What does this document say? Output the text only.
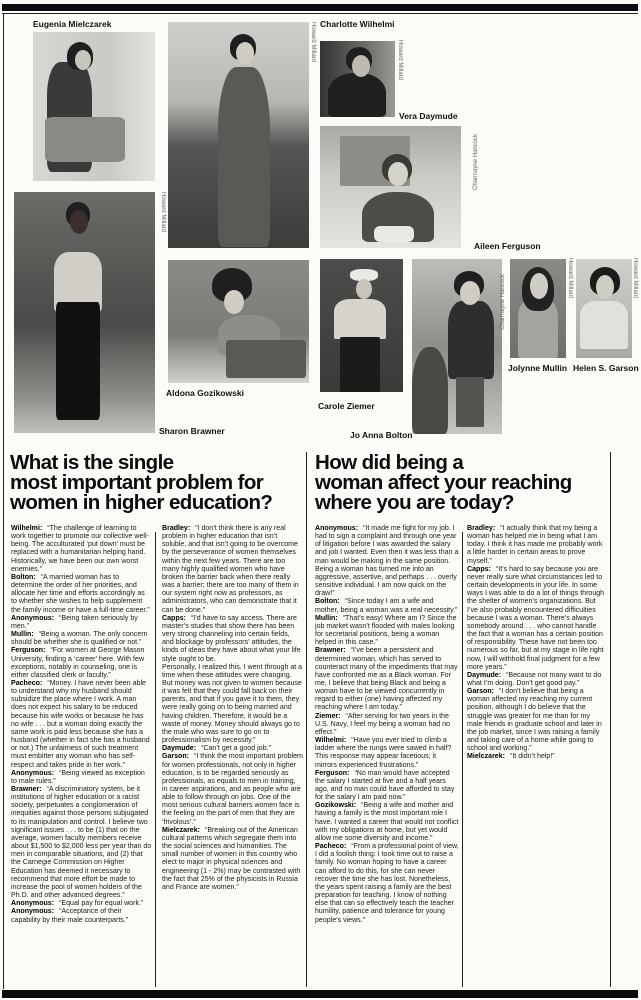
Eugenia Mielczarek	Howard Millard Charlotte Wilhelmi
Howard Millard
Vera Daymude
Charmayne Hancock
Aileen Ferguson
Howard Millard
Sharon Brawner
Aldona Gozikowski
Carole Ziemer
Charmayne Hancock
Jo Anna Bolton
Howard Millard
Jolynne Mullin
Howard Millard
Helen S. Garson
What is the single
most important problem for
women in higher education?
How did being a
woman affect your reaching
where you are today?

Wilhelmi: “The challenge of learning to work together to promote our collective well-being. The acculturated ‘put down’ must be replaced with a humanitarian helping hand. Historically, we have been our own worst enemies.”

Bolton: “A married woman has to determine the order of her priorities, and allocate her time and efforts accordingly as to whether she wishes to help supplement the family income or have a full-time career.”

Anonymous: “Being taken seriously by men.”

Mullin: “Being a woman. The only concern should be whether she is qualified or not.”

Ferguson: “For women at George Mason University, finding a ‘career’ here. With few exceptions, notably in counseling, one is either classified clerk or faculty.”

Pacheco: “Money. I have never been able to understand why my husband should subsidize the place where I work. A man does not expect his salary to be reduced because his wife works or because he has no wife . . . but a woman doing exactly the same work is paid less because she has a husband (whether in fact she has a husband or not.) The unfairness of such treatment must embitter any woman who has self-respect and takes pride in her work.”

Anonymous: “Being viewed as exception to male rules.”

Brawner: “A discriminatory system, be it institutions of higher education or a racist society, perpetuates a conglomeration of inequities against those persons subjugated to its manipulation and control. I believe two significant issues . . . to be (1) that on the average, women faculty members receive about $1,500 to $2,000 less per year than do men in comparable situations, and (2) that the Carnegie Commission on Higher Education has deemed it necessary to recommend that more effort be made to increase the pool of women holders of the Ph.D. and other advanced degrees.”

Anonymous: “Equal pay for equal work.”

Anonymous: “Acceptance of their capability by their male counterparts.”

Bradley: “I don’t think there is any real problem in higher education that isn’t soluble, and that isn’t going to be overcome by the perseverance of women themselves within the next few years. There are too many highly qualified women who have broken the barrier back when there really was a barrier; there are too many of them in our system right now as professors, as administrators, who can demonstrate that it can be done.”

Capps: “I’d have to say access. There are master’s studies that show there has been very strong channeling into certain fields, and blockage by professors’ attitudes, the kinds of ideas they have about what your life style ought to be.

Personally, I realized this. I went through at a time when these attitudes were changing. But money was not given to women because it was felt that they could fall back on their parents, and that if you gave it to them, they were really going on to being married and having children. Therefore, it would be a waste of money. Money should always go to the male who was sure to go on to professionalism by necessity.”

Daymude: “Can’t get a good job.”

Garson: “I think the most important problem for women professionals, not only in higher education, is to be regarded seriously as professionals, as equals to men in training, in career aspirations, and as people who are able to follow through on jobs. One of the most serious cultural barriers women face is the feeling on the part of men that they are ‘frivolous’.”

Mielczarek: “Breaking out of the American cultural patterns which segregate them into the social sciences and humanities. The small number of women in this country who elect to major in physical sciences and engineering (1 - 2%) may be contrasted with the fact that 25% of the physicists in Russia and France are women.”

Anonymous: “It made me fight for my job. I had to sign a complaint and through one year of litigation before I was awarded the salary and job I wanted. Even then it was less than a man would be making in the same position. Being a woman has turned me into an aggressive, assertive, and perhaps . . . overly sensitive individual. I am now quick on the draw!”

Bolton: “Since today I am a wife and mother, being a woman was a real necessity.”

Mullin: “That’s easy! Where am I? Since the job market wasn’t flooded with males looking for secretarial positions, being a woman helped in this case.”

Brawner: “I’ve been a persistent and determined woman, which has served to counteract many of the impediments that may have confronted me as a Black woman. For me, I believe that being Black and being a woman have to be viewed concurrently in regard to either (one) having affected my reaching where I am today.”

Ziemer: “After serving for two years in the U.S. Navy, I feel my being a woman had no effect.”

Wilhelmi: “Have you ever tried to climb a ladder where the rungs were sawed in half? This response may appear facetious; it mirrors experienced frustrations.”

Ferguson: “No man would have accepted the salary I started at five and a half years ago, and no man could have afforded to stay for the salary I am paid now.”

Gozikowski: “Being a wife and mother and having a family is the most important role I have. I wanted a career that would not conflict with my obligations at home, but yet would allow me some diversity and income.”

Pacheco: “From a professional point of view, I did a foolish thing: I took time out to raise a family. No woman hoping to have a career can afford to do this, for she can never recover the time she has lost. Nonetheless, the years spent raising a family are the best preparation for teaching. I know of nothing else that can so effectively teach the teacher humility, patience and tolerance for young people’s views.”

Bradley: “I actually think that my being a woman has helped me in being what I am today. I think it has made me probably work a little harder in certain areas to prove myself.”

Capps: “It’s hard to say because you are never really sure what circumstances led to certain developments in your life. In some ways I was able to do a lot of things through the shelter of women’s organizations. But I’ve also probably encountered difficulties because I was a woman. There’s always somebody around . . . who cannot handle the fact that a woman has a certain position of responsibility. These have not been too numerous so far, but at my stage in life right now, I will withhold final judgment for a few more years.”

Daymude: “Because not many want to do what I’m doing. Don’t get good pay.”

Garson: “I don’t believe that being a woman affected my reaching my current position, although I do believe that the struggle was greater for me than for my male friends in graduate school and later in the job market, since I was raising a family and taking care of a home while going to school and working.”

Mielczarek: “It didn’t help!”
